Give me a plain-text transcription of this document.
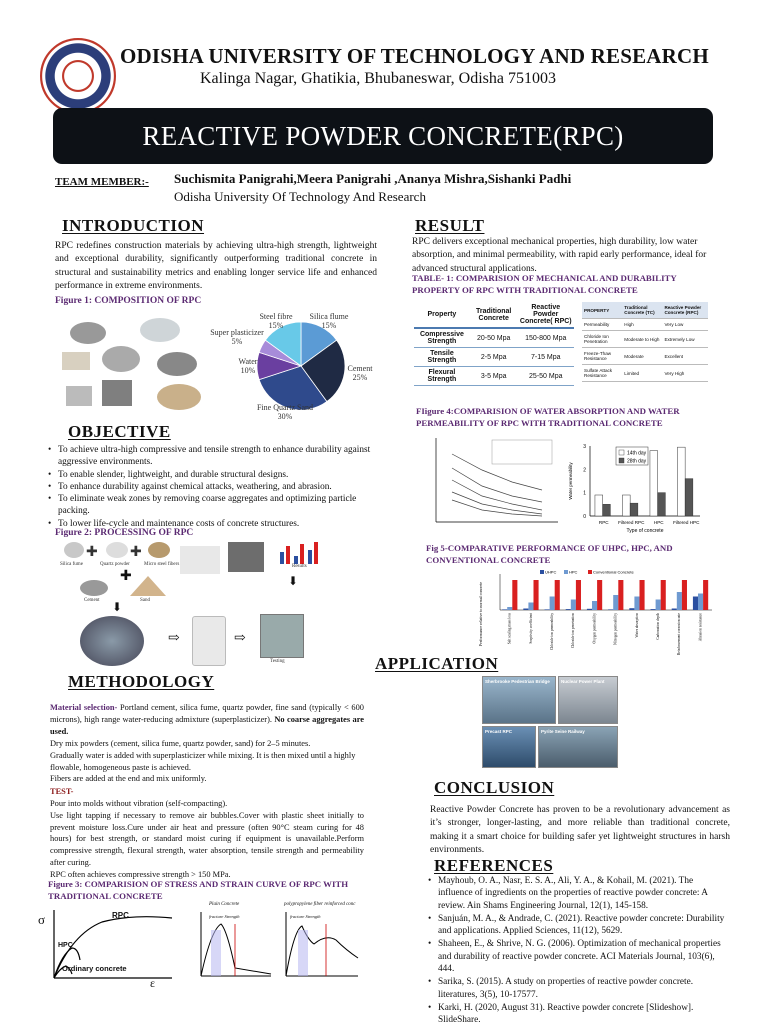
ODISHA UNIVERSITY OF TECHNOLOGY AND RESEARCH
Kalinga Nagar, Ghatikia, Bhubaneswar, Odisha 751003
REACTIVE POWDER CONCRETE(RPC)
TEAM MEMBER:- Suchismita Panigrahi,Meera Panigrahi ,Ananya Mishra,Sishanki Padhi
Odisha University Of Technology And Research
INTRODUCTION
RPC redefines construction materials by achieving ultra-high strength, lightweight and exceptional durability, significantly outperforming traditional concrete in structural and sustainability metrics and enabling longer service life and enhanced performance in extreme environments.
Figure 1: COMPOSITION OF RPC
Silica flume
15%
Cement
25%
Fine Quartz Sand
30%
Water
10%
Super plasticizer
5%
Steel fibre
15%
OBJECTIVE
• To achieve ultra-high compressive and tensile strength to enhance durability against aggressive environments.
• To enable slender, lightweight, and durable structural designs.
• To enhance durability against chemical attacks, weathering, and abrasion.
• To eliminate weak zones by removing coarse aggregates and optimizing particle packing.
• To lower life-cycle and maintenance costs of concrete structures.
Figure 2: PROCESSING OF RPC
✚ ✚
Silica fume	Quartz powder	Micro steel fibers
✚
Cement	Sand
⬇
⇨	⇨
Testing
Results
⬇
METHODOLOGY
Material selection- Portland cement, silica fume, quartz powder, fine sand (typically < 600 microns), high range water-reducing admixture (superplasticizer). No coarse aggregates are used.
Dry mix powders (cement, silica fume, quartz powder, sand) for 2–5 minutes.
Gradually water is added with superplasticizer while mixing. It is then mixed until a highly flowable, homogeneous paste is achieved.
Fibers are added at the end and mix uniformly.
TEST-
Pour into molds without vibration (self-compacting).
Use light tapping if necessary to remove air bubbles.Cover with plastic sheet initially to prevent moisture loss.Cure under air heat and pressure (often 90°C steam curing for 48 hours) for best strength, or standard moist curing if equipment is unavailable.Perform compressive strength, flexural strength, water absorption, tensile strength and permeability after curing.
RPC often achieves compressive strength > 150 MPa.
Figure 3: COMPARISION OF STRESS AND STRAIN CURVE OF RPC WITH TRADITIONAL CONCRETE
σ
ε
RPC
HPC
Ordinary concrete
Plain Concrete
fracture Strength
polypropylene fiber reinforced conc
fracture Strength
RESULT
RPC delivers exceptional mechanical properties, high durability, low water absorption, and minimal permeability, with rapid early performance, ideal for advanced structural applications.
TABLE- 1: COMPARISION OF MECHANICAL AND DURABILITY PROPERTY OF RPC WITH TRADITIONAL CONCRETE
Property	Traditional Concrete	Reactive Powder Concrete( RPC)
Compressive Strength	20-50 Mpa	150-800 Mpa
Tensile Strength	2-5 Mpa	7-15 Mpa
Flexural Strength	3-5 Mpa	25-50 Mpa
PROPERTY	Traditional Concrete (TC)	Reactive Powder Concrete (RPC)
Permeability	High	Very Low
Chloride Ion Penetration	Moderate to High	Extremely Low
Freeze-Thaw Resistance	Moderate	Excellent
Sulfate Attack Resistance	Limited	Very High
FIigure 4:COMPARISION OF WATER ABSORPTION AND WATER PERMEABILITY OF RPC WITH TRADITIONAL CONCRETE
0
1
2
3
RPC Filtered RPC HPC Filtered HPC
Type of concrete
Water permeability
14th day
28th day
Fig 5-COMPARATIVE PERFORMANCE OF UHPC, HPC, AND CONVENTIONAL CONCRETE
Salt scaling mass loss	Sorptivity coefficient	Chloride ion permeability	Chloride ion penetration	Oxygen permeability	Nitrogen permeability	Water absorption	Carbonation depth	Reinforcement corrosion rate	Abrasion resistance
Performance relative to normal concrete
UHPC	HPC	Conventional Concrete
APPLICATION
Sherbrooke Pedestrian Bridge Nuclear Power Plant
Precast RPC	Pyrite Seine Railway
CONCLUSION
Reactive Powder Concrete has proven to be a revolutionary advancement as it’s stronger, longer-lasting, and more reliable than traditional concrete, making it a smart choice for building safer yet lightweight structures in harsh environments.
REFERENCES
• Mayhoub, O. A., Nasr, E. S. A., Ali, Y. A., & Kohail, M. (2021). The influence of ingredients on the properties of reactive powder concrete: A review. Ain Shams Engineering Journal, 12(1), 145-158.
• Sanjuán, M. A., & Andrade, C. (2021). Reactive powder concrete: Durability and applications. Applied Sciences, 11(12), 5629.
• Shaheen, E., & Shrive, N. G. (2006). Optimization of mechanical properties and durability of reactive powder concrete. ACI Materials Journal, 103(6), 444.
• Sarika, S. (2015). A study on properties of reactive powder concrete. literatures, 3(5), 10-17577.
• Karki, H. (2020, August 31). Reactive powder concrete [Slideshow]. SlideShare.
